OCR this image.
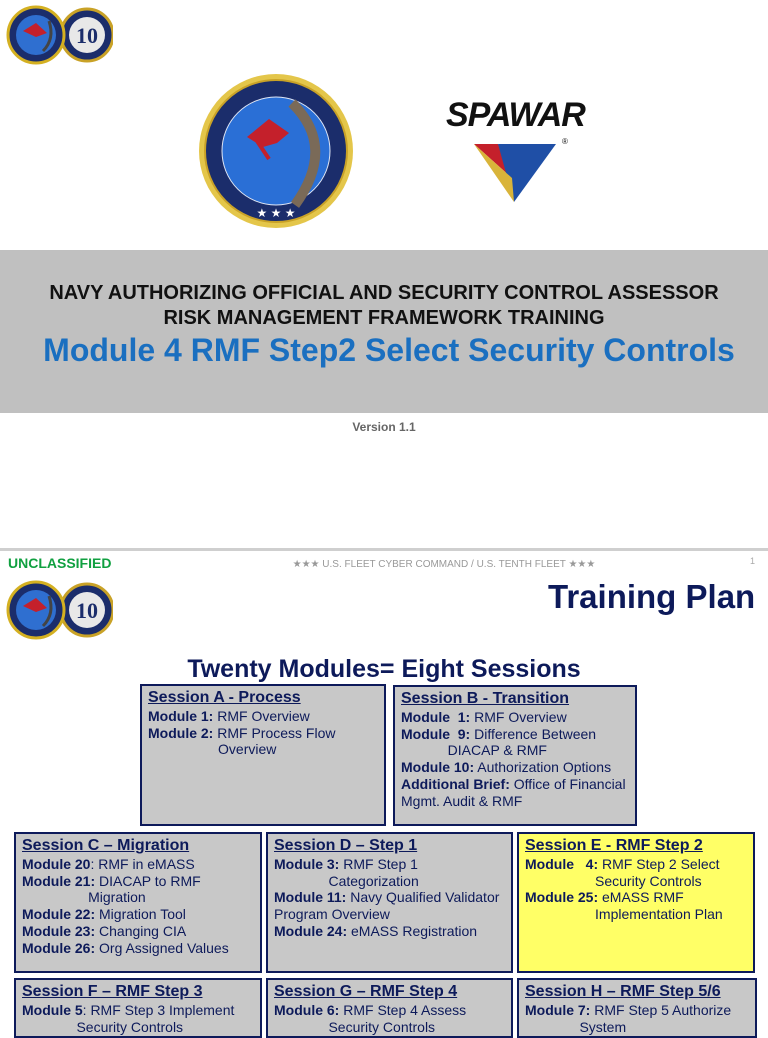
10
★ ★ ★
SPAWAR
®
NAVY AUTHORIZING OFFICIAL AND SECURITY CONTROL ASSESSOR
RISK MANAGEMENT FRAMEWORK TRAINING
Module 4 RMF Step2 Select Security Controls
Version 1.1
UNCLASSIFIED	★★★ U.S. FLEET CYBER COMMAND / U.S. TENTH FLEET ★★★	1
10	Training Plan
Twenty Modules= Eight Sessions
Session A - Process
Module 1: RMF Overview
Module 2: RMF Process Flow
Overview
Session B - Transition
Module  1: RMF Overview
Module  9: Difference Between
DIACAP & RMF
Module 10: Authorization Options
Additional Brief: Office of Financial
Mgmt. Audit & RMF
Session C – Migration
Module 20: RMF in eMASS
Module 21: DIACAP to RMF
Migration
Module 22: Migration Tool
Module 23: Changing CIA
Module 26: Org Assigned Values
Session D – Step 1
Module 3: RMF Step 1
Categorization
Module 11: Navy Qualified Validator
Program Overview
Module 24: eMASS Registration
Session E - RMF Step 2
Module   4: RMF Step 2 Select
Security Controls
Module 25: eMASS RMF
Implementation Plan
Session F – RMF Step 3
Module 5: RMF Step 3 Implement
Security Controls
Session G – RMF Step 4
Module 6: RMF Step 4 Assess
Security Controls
Session H – RMF Step 5/6
Module 7: RMF Step 5 Authorize
System
